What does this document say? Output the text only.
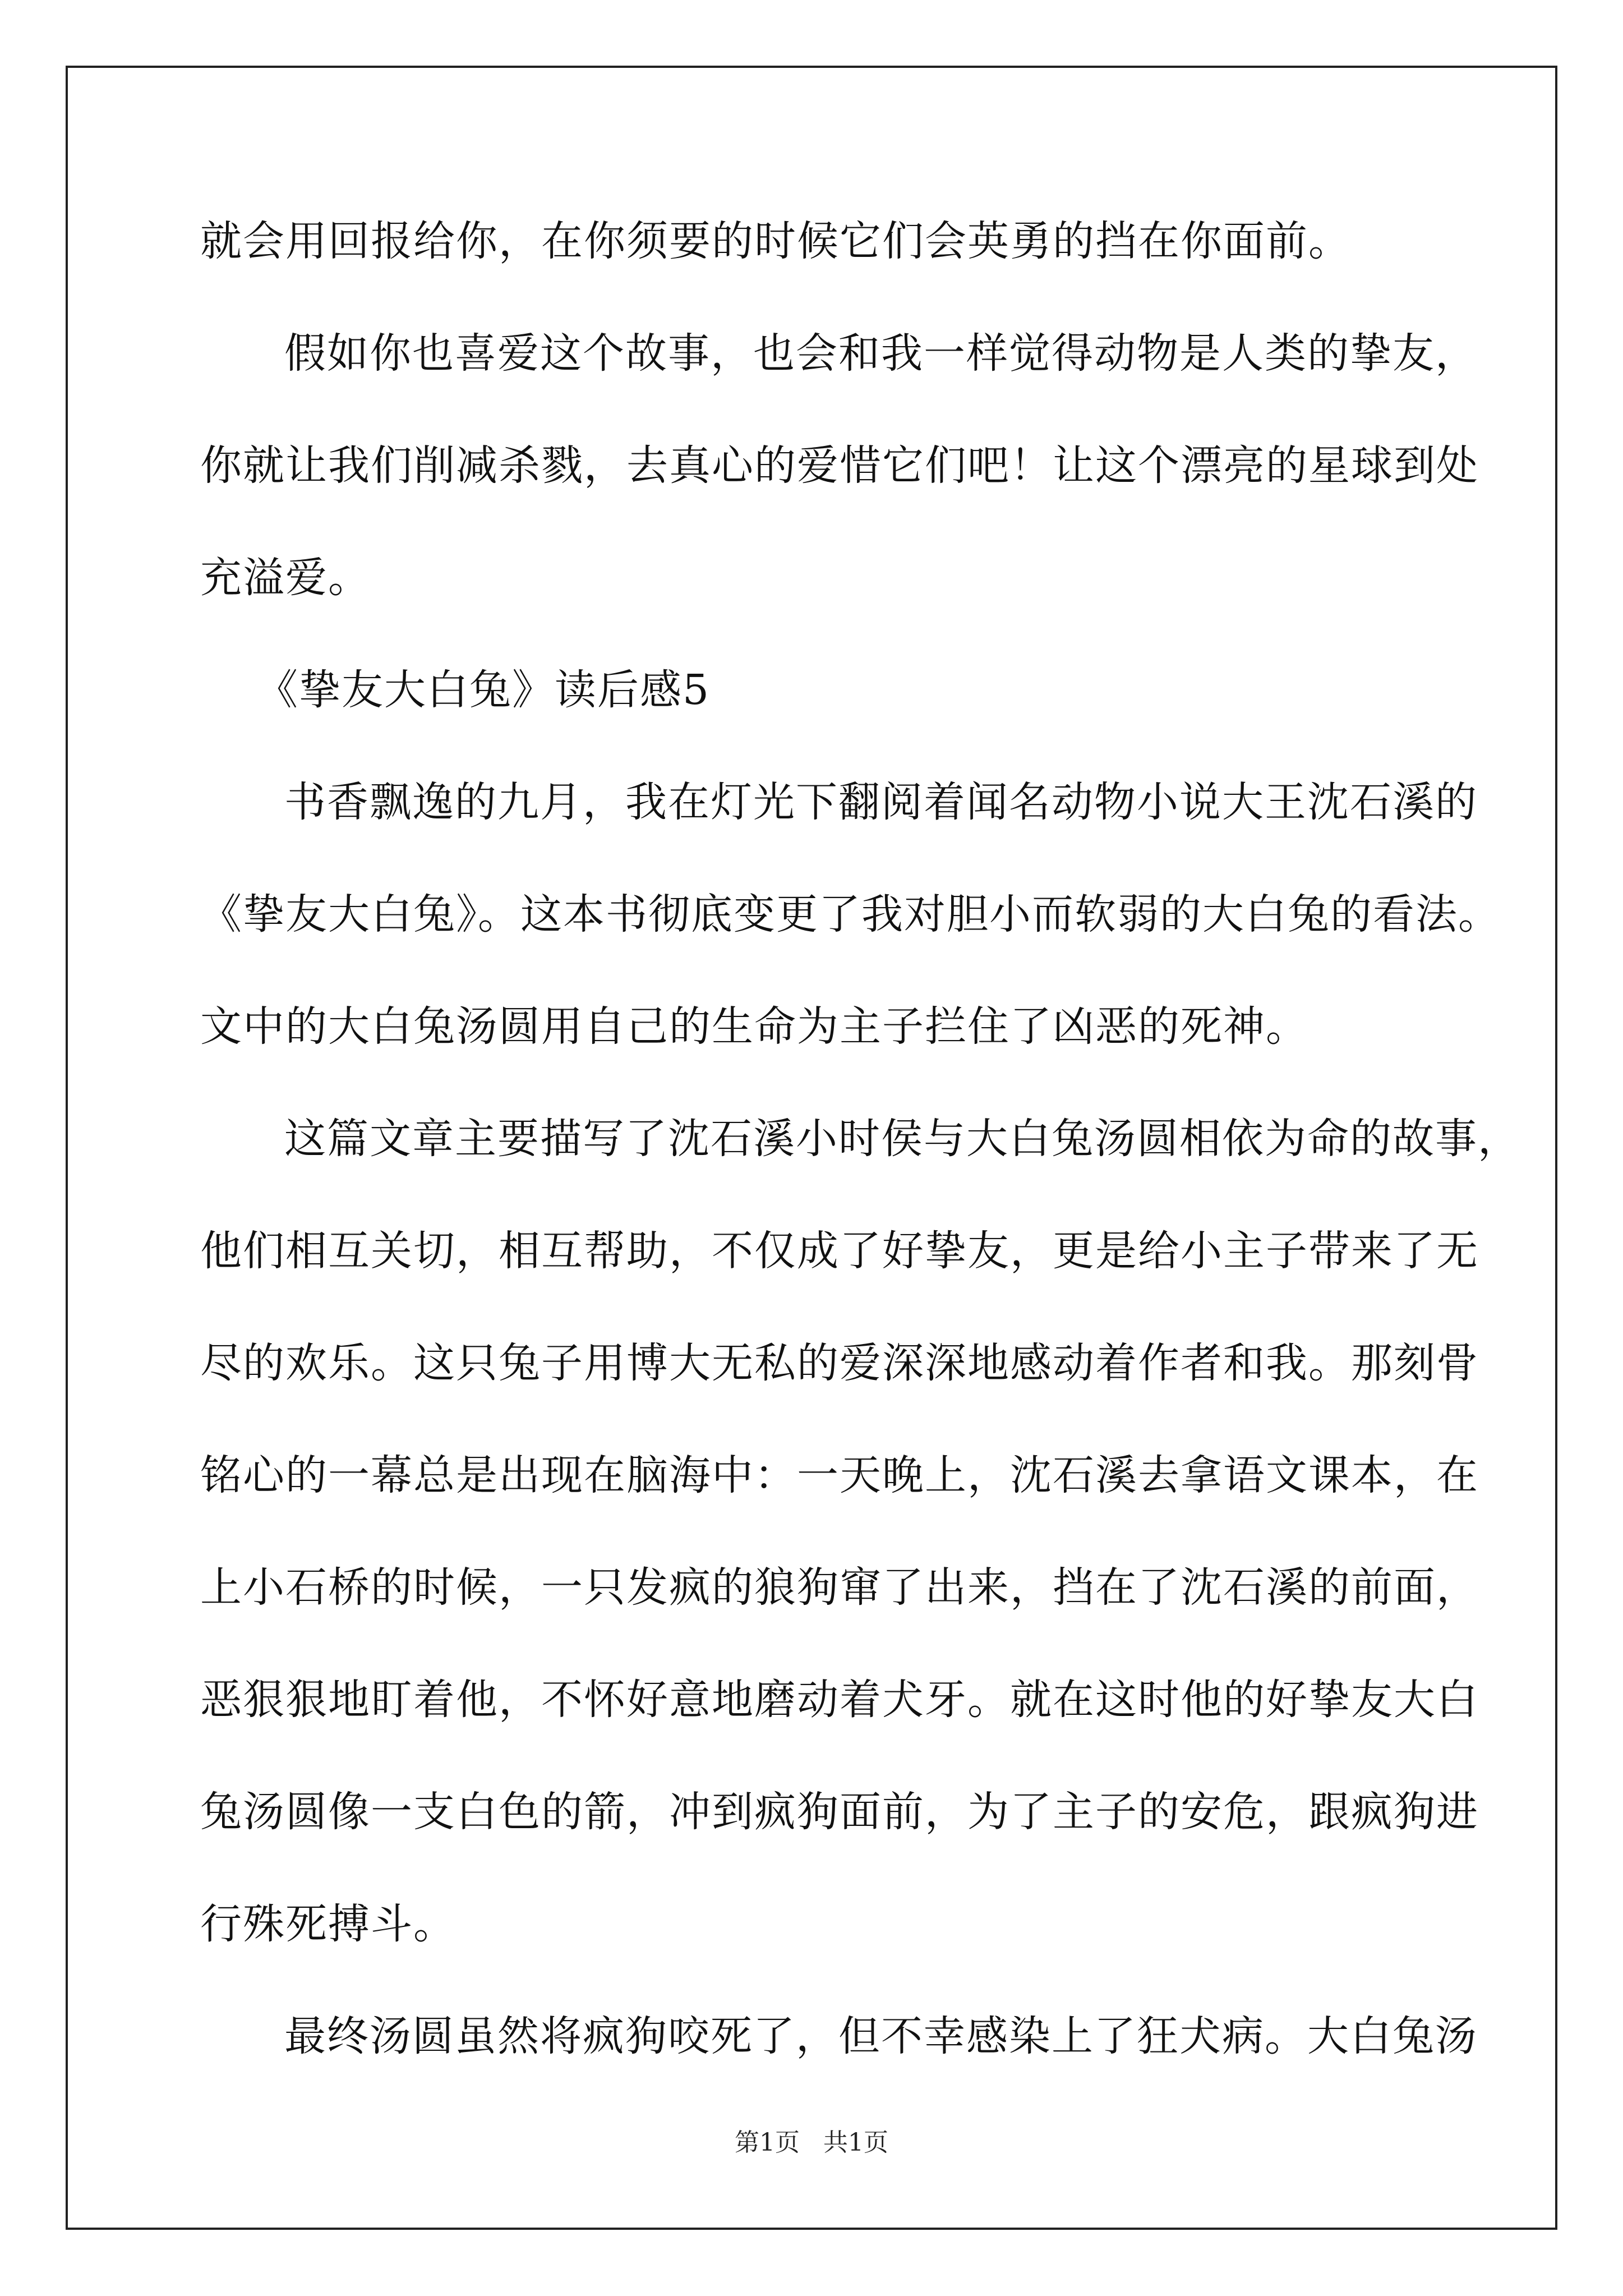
就会用回报给你，在你须要的时候它们会英勇的挡在你面前。
假如你也喜爱这个故事，也会和我一样觉得动物是人类的挚友，
你就让我们削减杀戮，去真心的爱惜它们吧！让这个漂亮的星球到处
充溢爱。
《挚友大白兔》读后感5
书香飘逸的九月，我在灯光下翻阅着闻名动物小说大王沈石溪的
《挚友大白兔》。这本书彻底变更了我对胆小而软弱的大白兔的看法。
文中的大白兔汤圆用自己的生命为主子拦住了凶恶的死神。
这篇文章主要描写了沈石溪小时侯与大白兔汤圆相依为命的故事，
他们相互关切，相互帮助，不仅成了好挚友，更是给小主子带来了无
尽的欢乐。这只兔子用博大无私的爱深深地感动着作者和我。那刻骨
铭心的一幕总是出现在脑海中：一天晚上，沈石溪去拿语文课本，在
上小石桥的时候，一只发疯的狼狗窜了出来，挡在了沈石溪的前面，
恶狠狠地盯着他，不怀好意地磨动着犬牙。就在这时他的好挚友大白
兔汤圆像一支白色的箭，冲到疯狗面前，为了主子的安危，跟疯狗进
行殊死搏斗。
最终汤圆虽然将疯狗咬死了，但不幸感染上了狂犬病。大白兔汤
第1页 共1页
